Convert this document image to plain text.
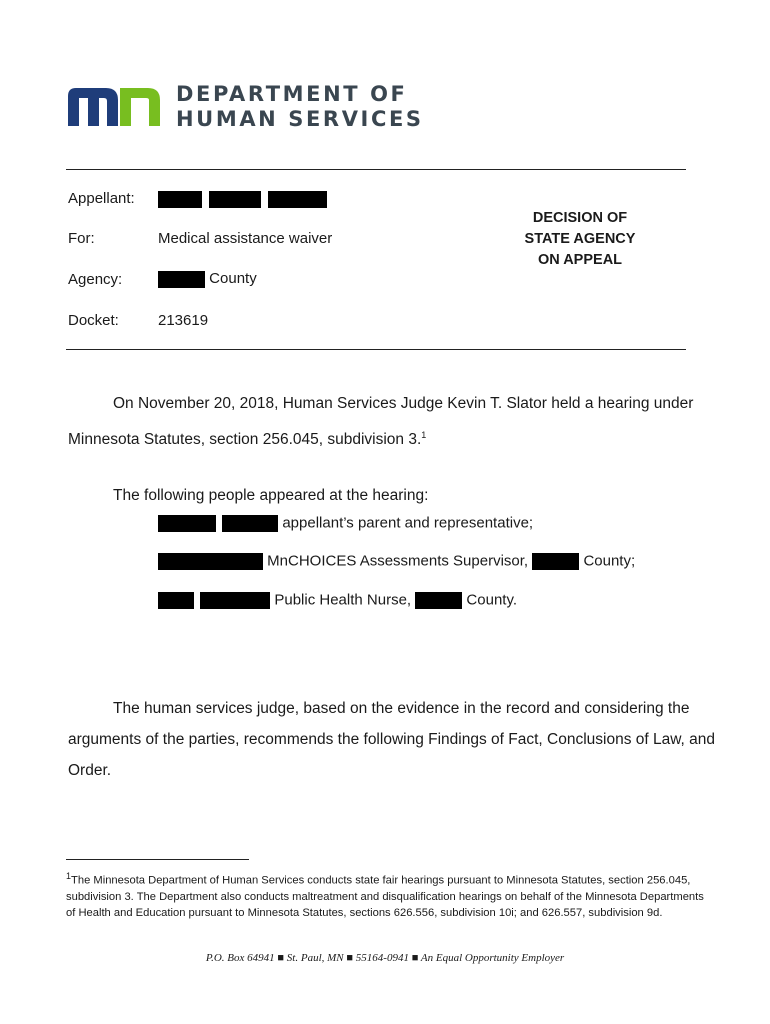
DEPARTMENT OF
HUMAN SERVICES
Appellant:

For:	Medical assistance waiver
Agency:	County
Docket:	213619
DECISION OF
STATE AGENCY
ON APPEAL
On November 20, 2018, Human Services Judge Kevin T. Slator held a hearing under
Minnesota Statutes, section 256.045, subdivision 3.$^1$
The following people appeared at the hearing:
appellant’s parent and representative;
MnCHOICES Assessments Supervisor,	County;
Public Health Nurse,	County.
The human services judge, based on the evidence in the record and considering the
arguments of the parties, recommends the following Findings of Fact, Conclusions of Law, and
Order.
$^1$The Minnesota Department of Human Services conducts state fair hearings pursuant to Minnesota Statutes, section 256.045, subdivision 3. The Department also conducts maltreatment and disqualification hearings on behalf of the Minnesota Departments of Health and Education pursuant to Minnesota Statutes, sections 626.556, subdivision 10i; and 626.557, subdivision 9d.
P.O. Box 64941 ■ St. Paul, MN ■ 55164-0941 ■ An Equal Opportunity Employer
